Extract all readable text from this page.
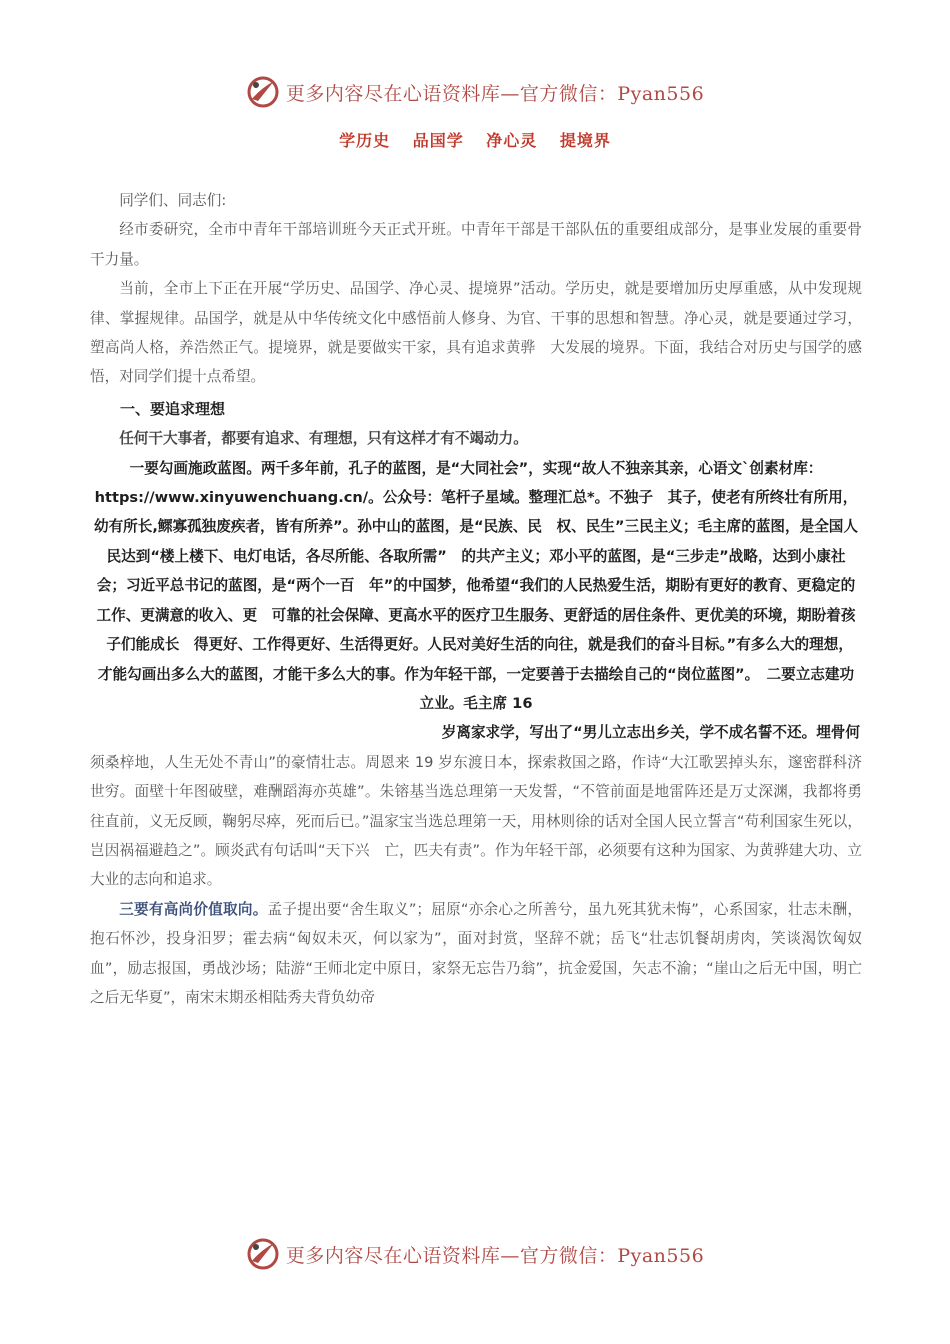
更多内容尽在心语资料库—官方微信：Pyan556
学历史 品国学 净心灵 提境界

同学们、同志们:

经市委研究，全市中青年干部培训班今天正式开班。中青年干部是干部队伍的重要组成部分，是事业发展的重要骨干力量。

当前，全市上下正在开展“学历史、品国学、净心灵、提境界”活动。学历史，就是要增加历史厚重感，从中发现规律、掌握规律。品国学，就是从中华传统文化中感悟前人修身、为官、干事的思想和智慧。净心灵，就是要通过学习，塑高尚人格，养浩然正气。提境界，就是要做实干家，具有追求黄骅　大发展的境界。下面，我结合对历史与国学的感悟，对同学们提十点希望。

一、要追求理想

任何干大事者，都要有追求、有理想，只有这样才有不竭动力。

一要勾画施政蓝图。两千多年前，孔子的蓝图，是“大同社会”，实现“故人不独亲其亲，心语文`创素材库：https://www.xinyuwenchuang.cn/。公众号：笔杆子星域。整理汇总*。不独子　其子，使老有所终壮有所用，幼有所长,鳏寡孤独废疾者，皆有所养”。孙中山的蓝图，是“民族、民　权、民生”三民主义；毛主席的蓝图，是全国人民达到“楼上楼下、电灯电话，各尽所能、各取所需”　的共产主义；邓小平的蓝图，是“三步走”战略，达到小康社会；习近平总书记的蓝图，是“两个一百　年”的中国梦，他希望“我们的人民热爱生活，期盼有更好的教育、更稳定的工作、更满意的收入、更　可靠的社会保障、更高水平的医疗卫生服务、更舒适的居住条件、更优美的环境，期盼着孩子们能成长　得更好、工作得更好、生活得更好。人民对美好生活的向往，就是我们的奋斗目标。”有多么大的理想，　才能勾画出多么大的蓝图，才能干多么大的事。作为年轻干部，一定要善于去描绘自己的“岗位蓝图”。　二要立志建功立业。毛主席 16

岁离家求学，写出了“男儿立志出乡关，学不成名誓不还。埋骨何

须桑梓地，人生无处不青山”的豪情壮志。周恩来 19 岁东渡日本，探索救国之路，作诗“大江歌罢掉头东，邃密群科济世穷。面壁十年图破壁，难酬蹈海亦英雄”。朱镕基当选总理第一天发誓，“不管前面是地雷阵还是万丈深渊，我都将勇往直前，义无反顾，鞠躬尽瘁，死而后已。”温家宝当选总理第一天，用林则徐的话对全国人民立誓言“苟利国家生死以，岂因祸福避趋之”。顾炎武有句话叫“天下兴　亡，匹夫有责”。作为年轻干部，必须要有这种为国家、为黄骅建大功、立大业的志向和追求。

三要有高尚价值取向。孟子提出要“舍生取义”；屈原“亦余心之所善兮，虽九死其犹未悔”，心系国家，壮志未酬，抱石怀沙，投身汨罗；霍去病“匈奴未灭，何以家为”，面对封赏，坚辞不就；岳飞“壮志饥餐胡虏肉，笑谈渴饮匈奴血”，励志报国，勇战沙场；陆游“王师北定中原日，家祭无忘告乃翁”，抗金爱国，矢志不渝；“崖山之后无中国，明亡之后无华夏”，南宋末期丞相陆秀夫背负幼帝

更多内容尽在心语资料库—官方微信：Pyan556
